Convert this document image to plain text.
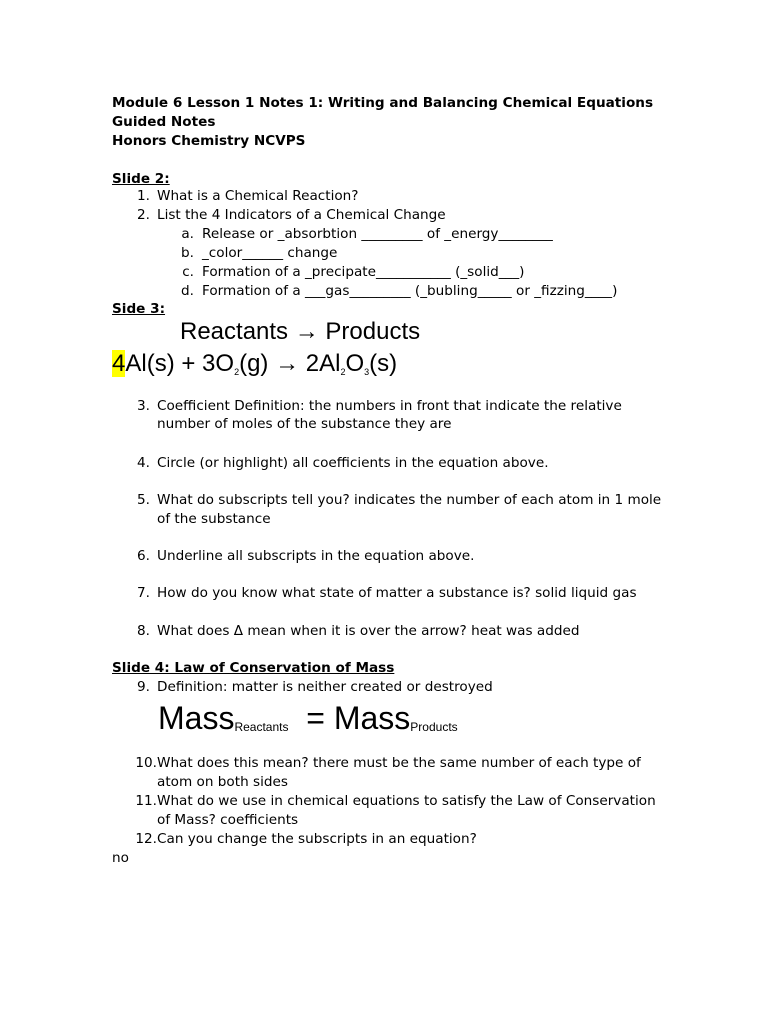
Module 6 Lesson 1 Notes 1: Writing and Balancing Chemical Equations
Guided Notes
Honors Chemistry NCVPS
Slide 2:
1. What is a Chemical Reaction?
2. List the 4 Indicators of a Chemical Change
a. Release or _absorbtion _________ of _energy________
b. _color______ change
c. Formation of a _precipate___________ (_solid___)
d. Formation of a ___gas_________ (_bubling_____ or _fizzing____)
Side 3:
Reactants → Products
$4Al(s) + 3O_2(g) \to 2Al_2O_3(s)$
3. Coefficient Definition: the numbers in front that indicate the relative
number of moles of the substance they are
4. Circle (or highlight) all coefficients in the equation above.
5. What do subscripts tell you? indicates the number of each atom in 1 mole
of the substance
6. Underline all subscripts in the equation above.
7. How do you know what state of matter a substance is? solid liquid gas
8. What does Δ mean when it is over the arrow? heat was added
Slide 4: Law of Conservation of Mass
9. Definition: matter is neither created or destroyed
MassReactants  = MassProducts
10.What does this mean? there must be the same number of each type of
atom on both sides
11.What do we use in chemical equations to satisfy the Law of Conservation
of Mass? coefficients
12.Can you change the subscripts in an equation?
no
